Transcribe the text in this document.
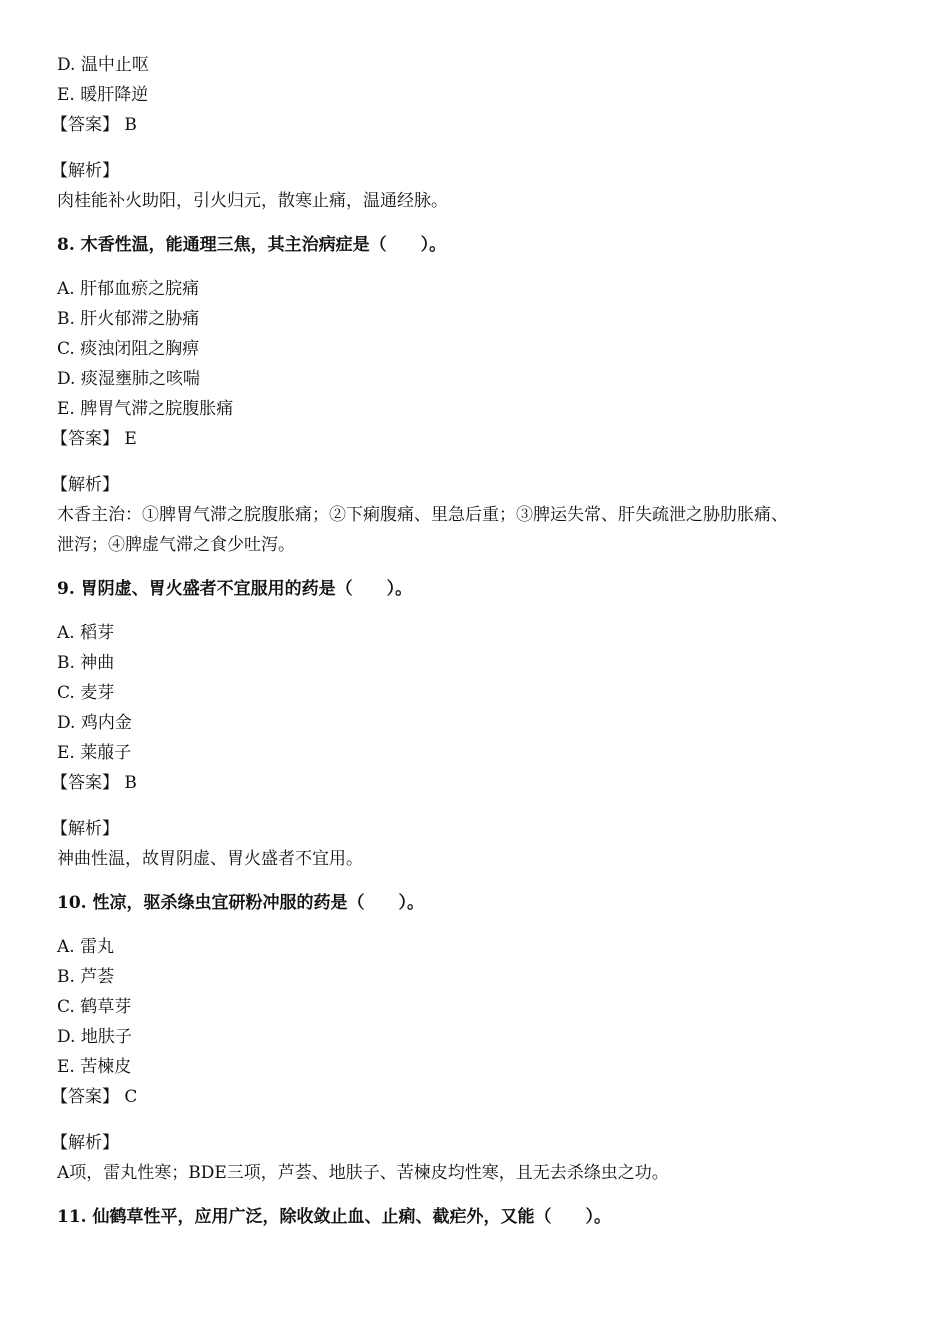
D. 温中止呕
E. 暖肝降逆
【答案】 B
【解析】
肉桂能补火助阳，引火归元，散寒止痛，温通经脉。
8. 木香性温，能通理三焦，其主治病症是（　　）。
A. 肝郁血瘀之脘痛
B. 肝火郁滞之胁痛
C. 痰浊闭阻之胸痹
D. 痰湿壅肺之咳喘
E. 脾胃气滞之脘腹胀痛
【答案】 E
【解析】
木香主治：①脾胃气滞之脘腹胀痛；②下痢腹痛、里急后重；③脾运失常、肝失疏泄之胁肋胀痛、
泄泻；④脾虚气滞之食少吐泻。
9. 胃阴虚、胃火盛者不宜服用的药是（　　）。
A. 稻芽
B. 神曲
C. 麦芽
D. 鸡内金
E. 莱菔子
【答案】 B
【解析】
神曲性温，故胃阴虚、胃火盛者不宜用。
10. 性凉，驱杀绦虫宜研粉冲服的药是（　　）。
A. 雷丸
B. 芦荟
C. 鹤草芽
D. 地肤子
E. 苦楝皮
【答案】 C
【解析】
A项，雷丸性寒；BDE三项，芦荟、地肤子、苦楝皮均性寒，且无去杀绦虫之功。
11. 仙鹤草性平，应用广泛，除收敛止血、止痢、截疟外，又能（　　）。
